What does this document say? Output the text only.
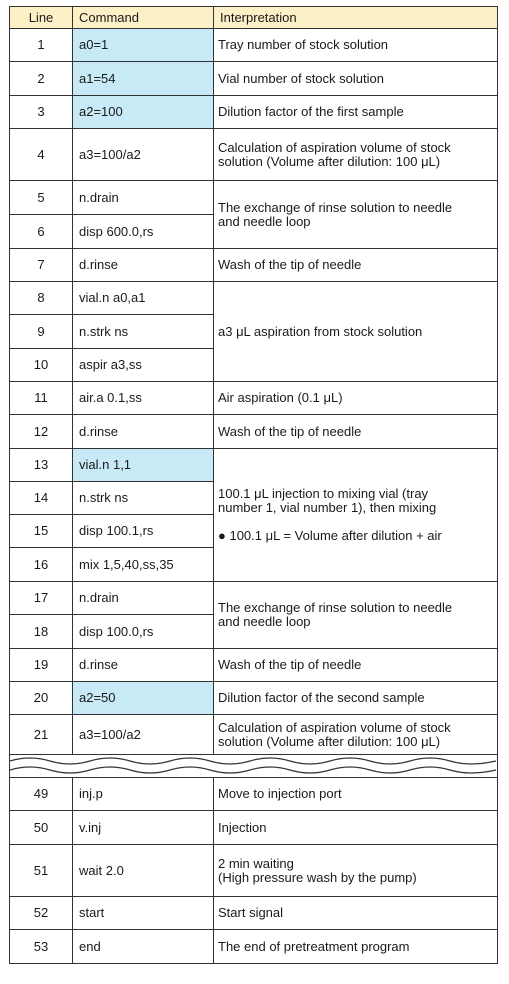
Line	Command	Interpretation
1	a0=1	Tray number of stock solution
2	a1=54	Vial number of stock solution
3	a2=100	Dilution factor of the first sample
4	a3=100/a2	Calculation of aspiration volume of stock
solution (Volume after dilution: 100 μL)
5	n.drain	The exchange of rinse solution to needle
and needle loop
6	disp 600.0,rs	
7	d.rinse	Wash of the tip of needle
8	vial.n a0,a1	a3 μL aspiration from stock solution
9	n.strk ns	
10	aspir a3,ss	
11	air.a 0.1,ss	Air aspiration (0.1 μL)
12	d.rinse	Wash of the tip of needle
13	vial.n 1,1	100.1 μL injection to mixing vial (tray
number 1, vial number 1), then mixing
● 100.1 μL = Volume after dilution + air

14	n.strk ns	
15	disp 100.1,rs	
16	mix 1,5,40,ss,35	
17	n.drain	The exchange of rinse solution to needle
and needle loop
18	disp 100.0,rs	
19	d.rinse	Wash of the tip of needle
20	a2=50	Dilution factor of the second sample
21	a3=100/a2	Calculation of aspiration volume of stock
solution (Volume after dilution: 100 μL)

49	inj.p	Move to injection port
50	v.inj	Injection
51	wait 2.0	2 min waiting
(High pressure wash by the pump)
52	start	Start signal
53	end	The end of pretreatment program
